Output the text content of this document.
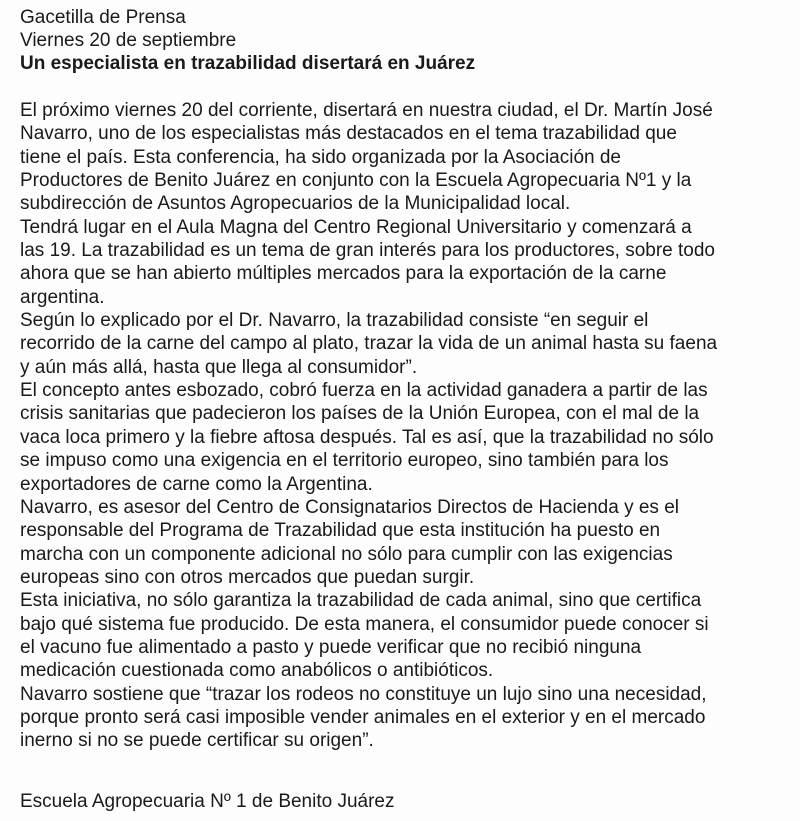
Gacetilla de Prensa
Viernes 20 de septiembre
Un especialista en trazabilidad disertará en Juárez
El próximo viernes 20 del corriente, disertará en nuestra ciudad, el Dr. Martín José
Navarro, uno de los especialistas más destacados en el tema trazabilidad que
tiene el país. Esta conferencia, ha sido organizada por la Asociación de
Productores de Benito Juárez en conjunto con la Escuela Agropecuaria Nº1 y la
subdirección de Asuntos Agropecuarios de la Municipalidad local.
Tendrá lugar en el Aula Magna del Centro Regional Universitario y comenzará a
las 19. La trazabilidad es un tema de gran interés para los productores, sobre todo
ahora que se han abierto múltiples mercados para la exportación de la carne
argentina.
Según lo explicado por el Dr. Navarro, la trazabilidad consiste “en seguir el
recorrido de la carne del campo al plato, trazar la vida de un animal hasta su faena
y aún más allá, hasta que llega al consumidor”.
El concepto antes esbozado, cobró fuerza en la actividad ganadera a partir de las
crisis sanitarias que padecieron los países de la Unión Europea, con el mal de la
vaca loca primero y la fiebre aftosa después. Tal es así, que la trazabilidad no sólo
se impuso como una exigencia en el territorio europeo, sino también para los
exportadores de carne como la Argentina.
Navarro, es asesor del Centro de Consignatarios Directos de Hacienda y es el
responsable del Programa de Trazabilidad que esta institución ha puesto en
marcha con un componente adicional no sólo para cumplir con las exigencias
europeas sino con otros mercados que puedan surgir.
Esta iniciativa, no sólo garantiza la trazabilidad de cada animal, sino que certifica
bajo qué sistema fue producido. De esta manera, el consumidor puede conocer si
el vacuno fue alimentado a pasto y puede verificar que no recibió ninguna
medicación cuestionada como anabólicos o antibióticos.
Navarro sostiene que “trazar los rodeos no constituye un lujo sino una necesidad,
porque pronto será casi imposible vender animales en el exterior y en el mercado
inerno si no se puede certificar su origen”.
Escuela Agropecuaria Nº 1 de Benito Juárez
